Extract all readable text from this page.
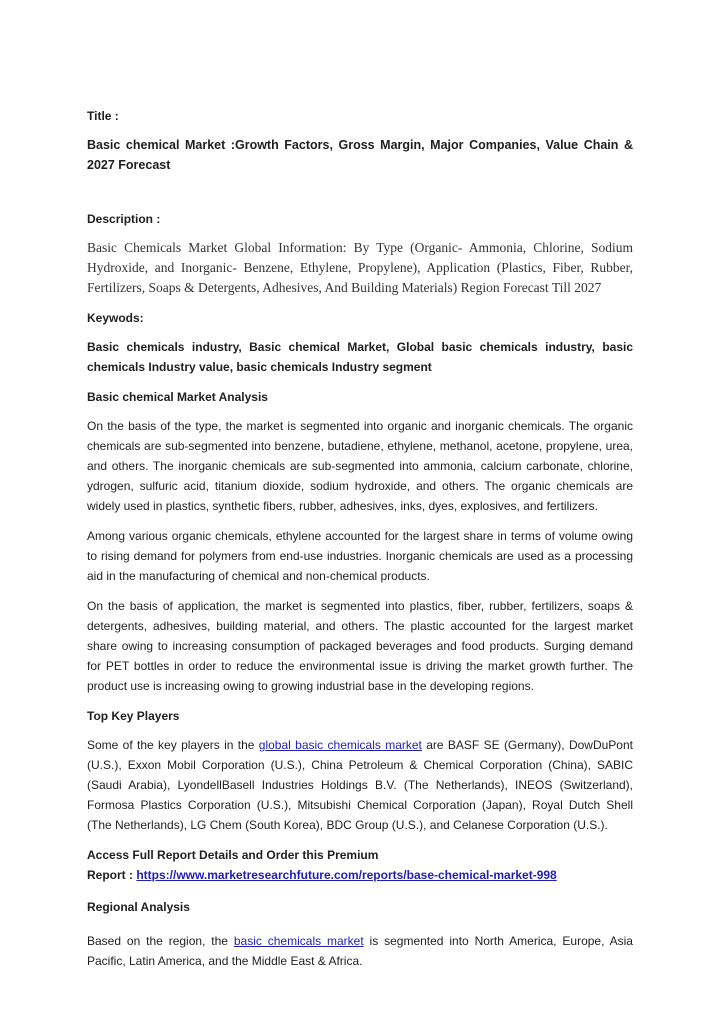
Title :

Basic chemical Market :Growth Factors, Gross Margin, Major Companies, Value Chain & 2027 Forecast

Description :

Basic Chemicals Market Global Information: By Type (Organic- Ammonia, Chlorine, Sodium Hydroxide, and Inorganic- Benzene, Ethylene, Propylene), Application (Plastics, Fiber, Rubber, Fertilizers, Soaps & Detergents, Adhesives, And Building Materials) Region Forecast Till 2027

Keywods:

Basic chemicals industry, Basic chemical Market, Global basic chemicals industry, basic chemicals Industry value, basic chemicals Industry segment

Basic chemical Market Analysis

On the basis of the type, the market is segmented into organic and inorganic chemicals. The organic chemicals are sub-segmented into benzene, butadiene, ethylene, methanol, acetone, propylene, urea, and others. The inorganic chemicals are sub-segmented into ammonia, calcium carbonate, chlorine, ydrogen, sulfuric acid, titanium dioxide, sodium hydroxide, and others. The organic chemicals are widely used in plastics, synthetic fibers, rubber, adhesives, inks, dyes, explosives, and fertilizers.

Among various organic chemicals, ethylene accounted for the largest share in terms of volume owing to rising demand for polymers from end-use industries. Inorganic chemicals are used as a processing aid in the manufacturing of chemical and non-chemical products.

On the basis of application, the market is segmented into plastics, fiber, rubber, fertilizers, soaps & detergents, adhesives, building material, and others. The plastic accounted for the largest market share owing to increasing consumption of packaged beverages and food products. Surging demand for PET bottles in order to reduce the environmental issue is driving the market growth further. The product use is increasing owing to growing industrial base in the developing regions.

Top Key Players

Some of the key players in the global basic chemicals market are BASF SE (Germany), DowDuPont (U.S.), Exxon Mobil Corporation (U.S.), China Petroleum & Chemical Corporation (China), SABIC (Saudi Arabia), LyondellBasell Industries Holdings B.V. (The Netherlands), INEOS (Switzerland), Formosa Plastics Corporation (U.S.), Mitsubishi Chemical Corporation (Japan), Royal Dutch Shell (The Netherlands), LG Chem (South Korea), BDC Group (U.S.), and Celanese Corporation (U.S.).

Access Full Report Details and Order this Premium
Report : https://www.marketresearchfuture.com/reports/base-chemical-market-998

Regional Analysis

Based on the region, the basic chemicals market is segmented into North America, Europe, Asia Pacific, Latin America, and the Middle East & Africa.
